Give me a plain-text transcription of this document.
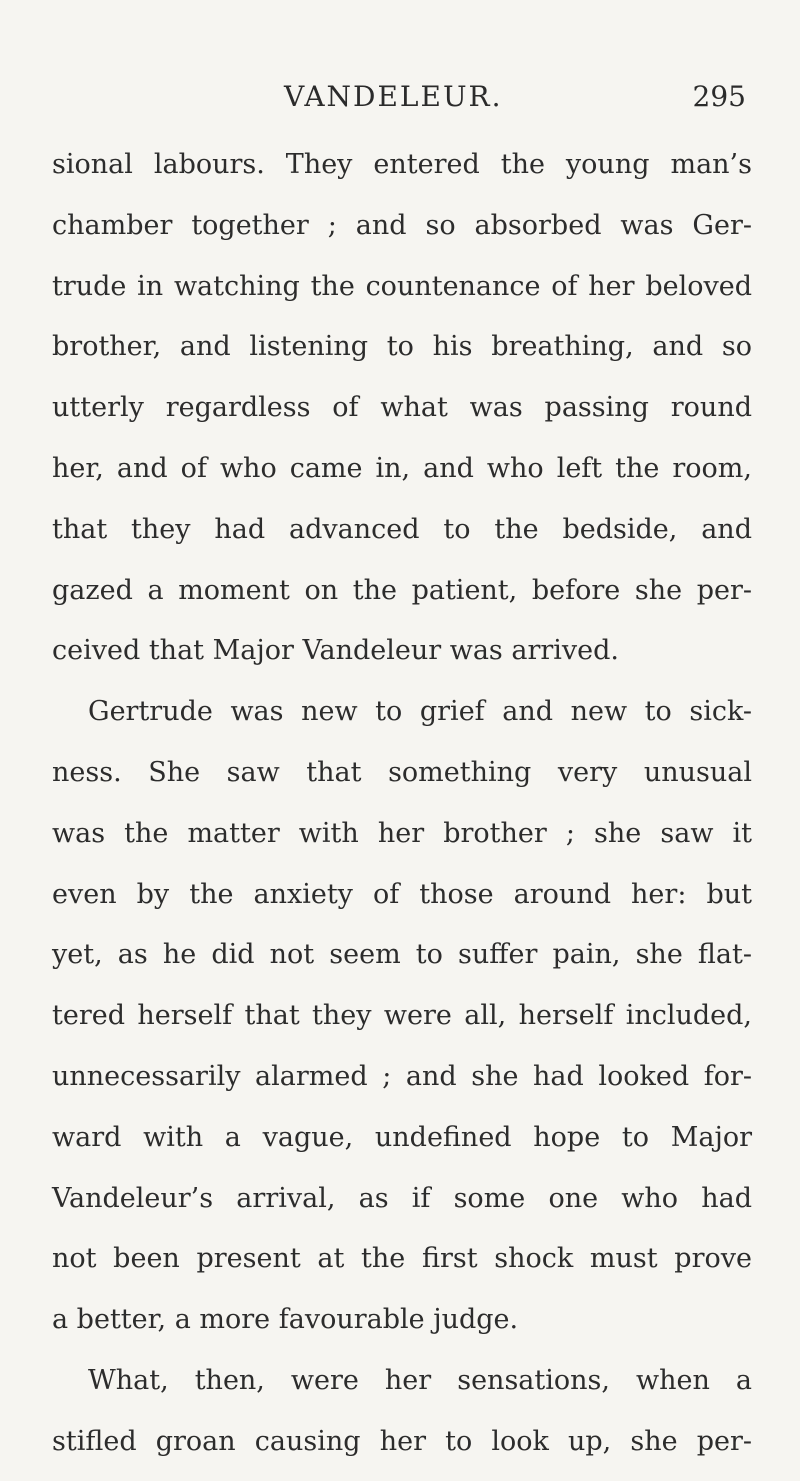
VANDELEUR.	295
sional labours. They entered the young man’s
chamber together ; and so absorbed was Ger-
trude in watching the countenance of her beloved
brother, and listening to his breathing, and so
utterly regardless of what was passing round
her, and of who came in, and who left the room,
that they had advanced to the bedside, and
gazed a moment on the patient, before she per-
ceived that Major Vandeleur was arrived.
Gertrude was new to grief and new to sick-
ness. She saw that something very unusual
was the matter with her brother ; she saw it
even by the anxiety of those around her: but
yet, as he did not seem to suffer pain, she flat-
tered herself that they were all, herself included,
unnecessarily alarmed ; and she had looked for-
ward with a vague, undefined hope to Major
Vandeleur’s arrival, as if some one who had
not been present at the first shock must prove
a better, a more favourable judge.
What, then, were her sensations, when a
stifled groan causing her to look up, she per-
